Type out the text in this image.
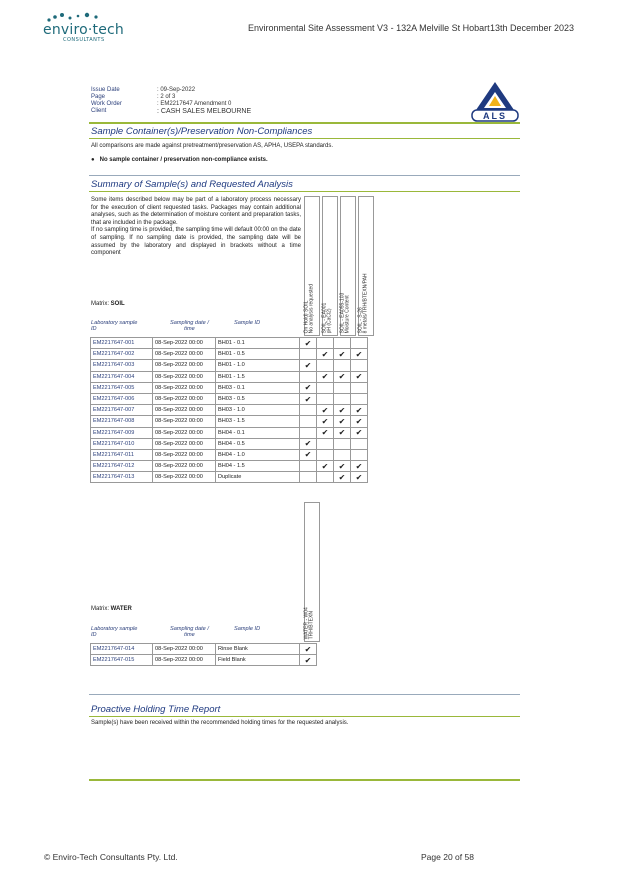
enviro·tech
CONSULTANTS
Environmental Site Assessment V3 - 132A Melville St Hobart 13th December 2023
Issue Date	: 09-Sep-2022
Page	: 2 of 3
Work Order	: EM2217647 Amendment 0
Client	: CASH SALES MELBOURNE	ALS
Sample Container(s)/Preservation Non-Compliances
All comparisons are made against pretreatment/preservation AS, APHA, USEPA standards.
● No sample container / preservation non-compliance exists.
Summary of Sample(s) and Requested Analysis
Some items described below may be part of a laboratory process necessary for the execution of client requested tasks. Packages may contain additional analyses, such as the determination of moisture content and preparation tasks, that are included in the package.
If no sampling time is provided, the sampling time will default 00:00 on the date of sampling. If no sampling date is provided, the sampling date will be assumed by the laboratory and displayed in brackets without a time component
On Hold) SOIL
No analysis requested
SOIL - EA001
pH (CaCl2)
SOIL - EA055-103
Moisture Content
SOIL - S-26
8 metals/TRH/BTEXN/PAH
Matrix: SOIL
Laboratory sample
ID
Sampling date /
time
Sample ID
EM2217647-001	08-Sep-2022 00:00	BH01 - 0.1	✔			
EM2217647-002	08-Sep-2022 00:00	BH01 - 0.5		✔	✔	✔
EM2217647-003	08-Sep-2022 00:00	BH01 - 1.0	✔			
EM2217647-004	08-Sep-2022 00:00	BH01 - 1.5		✔	✔	✔
EM2217647-005	08-Sep-2022 00:00	BH03 - 0.1	✔			
EM2217647-006	08-Sep-2022 00:00	BH03 - 0.5	✔			
EM2217647-007	08-Sep-2022 00:00	BH03 - 1.0		✔	✔	✔
EM2217647-008	08-Sep-2022 00:00	BH03 - 1.5		✔	✔	✔
EM2217647-009	08-Sep-2022 00:00	BH04 - 0.1		✔	✔	✔
EM2217647-010	08-Sep-2022 00:00	BH04 - 0.5	✔			
EM2217647-011	08-Sep-2022 00:00	BH04 - 1.0	✔			
EM2217647-012	08-Sep-2022 00:00	BH04 - 1.5		✔	✔	✔
EM2217647-013	08-Sep-2022 00:00	Duplicate			✔	✔
WATER - W04
TRH/BTEXN
Matrix: WATER
Laboratory sample
ID
Sampling date /
time
Sample ID
EM2217647-014	08-Sep-2022 00:00	Rinse Blank	✔
EM2217647-015	08-Sep-2022 00:00	Field Blank	✔
Proactive Holding Time Report
Sample(s) have been received within the recommended holding times for the requested analysis.
© Enviro-Tech Consultants Pty. Ltd.	Page 20 of 58
